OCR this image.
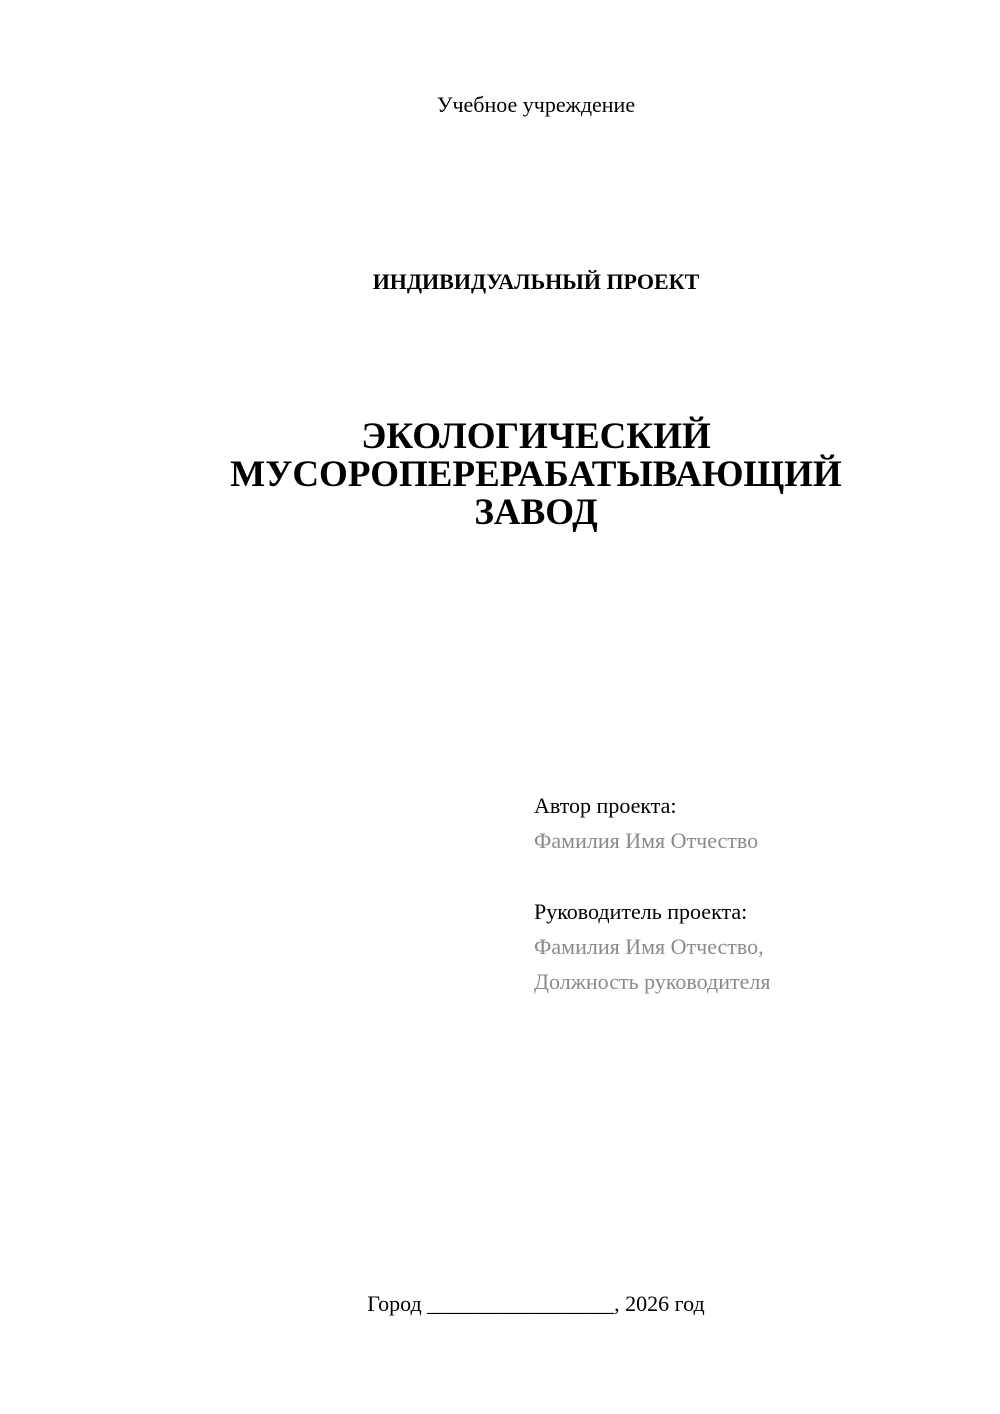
Учебное учреждение
ИНДИВИДУАЛЬНЫЙ ПРОЕКТ
ЭКОЛОГИЧЕСКИЙ
МУСОРОПЕРЕРАБАТЫВАЮЩИЙ
ЗАВОД
Автор проекта:
Фамилия Имя Отчество
Руководитель проекта:
Фамилия Имя Отчество,
Должность руководителя
Город _________________, 2026 год
